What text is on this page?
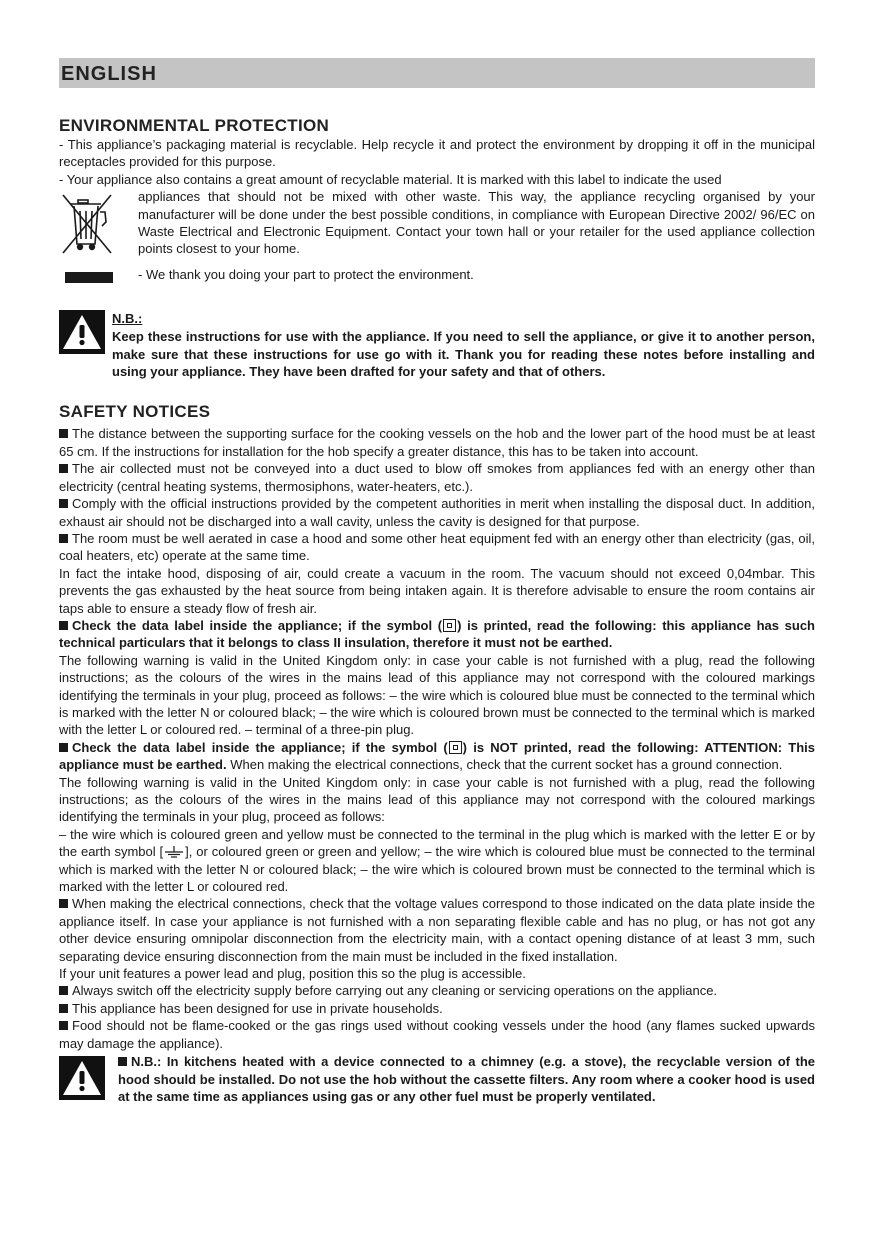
ENGLISH
ENVIRONMENTAL PROTECTION

- This appliance’s packaging material is recyclable. Help recycle it and protect the environment by dropping it off in the municipal receptacles provided for this purpose.

- Your appliance also contains a great amount of recyclable material. It is marked with this label to indicate the used

appliances that should not be mixed with other waste. This way, the appliance recycling organised by your manufacturer will be done under the best possible conditions, in compliance with European Directive 2002/ 96/EC on Waste Electrical and Electronic Equipment. Contact your town hall or your retailer for the used appliance collection points closest to your home.

- We thank you doing your part to protect the environment.

N.B.:

Keep these instructions for use with the appliance. If you need to sell the appliance, or give it to another person, make sure that these instructions for use go with it. Thank you for reading these notes before installing and using your appliance. They have been drafted for your safety and that of others.

SAFETY NOTICES

The distance between the supporting surface for the cooking vessels on the hob and the lower part of the hood must be at least 65 cm. If the instructions for installation for the hob specify a greater distance, this has to be taken into account.

The air collected must not be conveyed into a duct used to blow off smokes from appliances fed with an energy other than electricity (central heating systems, thermosiphons, water-heaters, etc.).

Comply with the official instructions provided by the competent authorities in merit when installing the disposal duct. In addition, exhaust air should not be discharged into a wall cavity, unless the cavity is designed for that purpose.

The room must be well aerated in case a hood and some other heat equipment fed with an energy other than electricity (gas, oil, coal heaters, etc) operate at the same time.

In fact the intake hood, disposing of air, could create a vacuum in the room. The vacuum should not exceed 0,04mbar. This prevents the gas exhausted by the heat source from being intaken again. It is therefore advisable to ensure the room contains air taps able to ensure a steady flow of fresh air.

Check the data label inside the appliance; if the symbol ( ) is printed, read the following: this appliance has such technical particulars that it belongs to class II insulation, therefore it must not be earthed.

The following warning is valid in the United Kingdom only: in case your cable is not furnished with a plug, read the following instructions; as the colours of the wires in the mains lead of this appliance may not correspond with the coloured markings identifying the terminals in your plug, proceed as follows: – the wire which is coloured blue must be connected to the terminal which is marked with the letter N or coloured black; – the wire which is coloured brown must be connected to the terminal which is marked with the letter L or coloured red. – terminal of a three-pin plug.

Check the data label inside the appliance; if the symbol ( ) is NOT printed, read the following: ATTENTION: This appliance must be earthed. When making the electrical connections, check that the current socket has a ground connection.

The following warning is valid in the United Kingdom only: in case your cable is not furnished with a plug, read the following instructions; as the colours of the wires in the mains lead of this appliance may not correspond with the coloured markings identifying the terminals in your plug, proceed as follows:

– the wire which is coloured green and yellow must be connected to the terminal in the plug which is marked with the letter E or by the earth symbol [ ], or coloured green or green and yellow; – the wire which is coloured blue must be connected to the terminal which is marked with the letter N or coloured black; – the wire which is coloured brown must be connected to the terminal which is marked with the letter L or coloured red.

When making the electrical connections, check that the voltage values correspond to those indicated on the data plate inside the appliance itself. In case your appliance is not furnished with a non separating flexible cable and has no plug, or has not got any other device ensuring omnipolar disconnection from the electricity main, with a contact opening distance of at least 3 mm, such separating device ensuring disconnection from the main must be included in the fixed installation.

If your unit features a power lead and plug, position this so the plug is accessible.

Always switch off the electricity supply before carrying out any cleaning or servicing operations on the appliance.

This appliance has been designed for use in private households.

Food should not be flame-cooked or the gas rings used without cooking vessels under the hood (any flames sucked upwards may damage the appliance).

N.B.: In kitchens heated with a device connected to a chimney (e.g. a stove), the recyclable version of the hood should be installed. Do not use the hob without the cassette filters. Any room where a cooker hood is used at the same time as appliances using gas or any other fuel must be properly ventilated.
